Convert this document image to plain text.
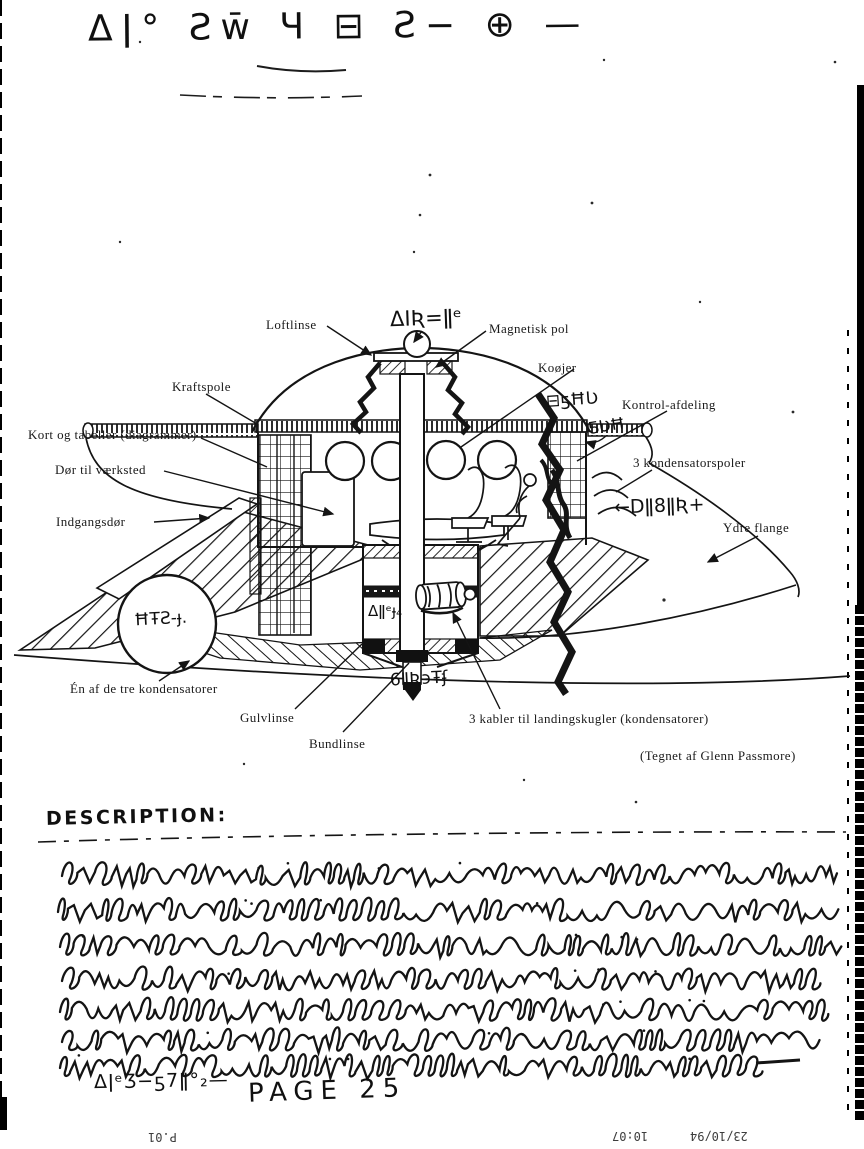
Δǀ° Ƨw̄ Ч ⊟ Ƨ− ⊕ —
Loftlinse	Magnetisk pol
Kraftspole
Koøjer
Kontrol-afdeling
Kort og tabeller (diagrammer)
Dør til værksted
Indgangsdør
3 kondensatorspoler
Ydre flange
Én af de tre kondensatorer
Gulvlinse
Bundlinse
3 kabler til landingskugler (kondensatorer)
(Tegnet af Glenn Passmore)
ΔIƦ=ǁᵉ
⊟ƽĦƲ
ƼƲĦ
←Dǁ8ǁƦ+
ĦŦƧ-ɟ.	Δǁᵉɟ₄
6ǁƦ϶Ŧʄ
DESCRIPTION:
ΔǀᵉƷ−ƽ7ǁ°₂— PAGE 25
P.01	10:07	23/10/94
